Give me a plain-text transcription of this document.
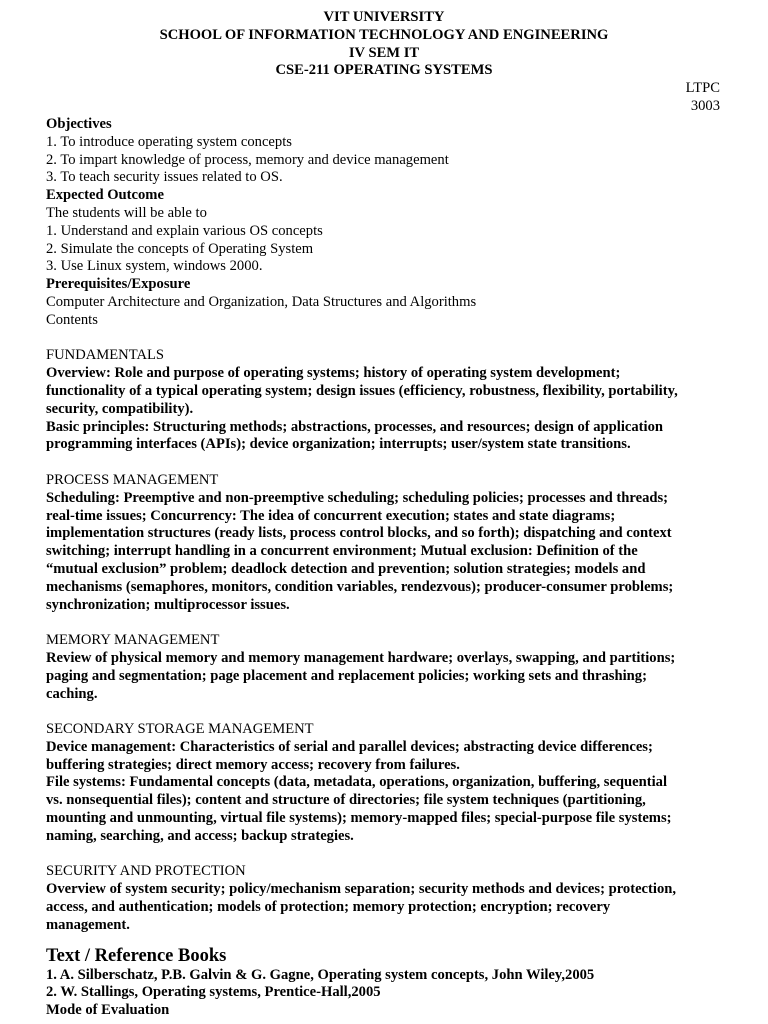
VIT UNIVERSITY
SCHOOL OF INFORMATION TECHNOLOGY AND ENGINEERING
IV SEM IT
CSE-211 OPERATING SYSTEMS
LTPC
3003
Objectives
1. To introduce operating system concepts
2. To impart knowledge of process, memory and device management
3. To teach security issues related to OS.
Expected Outcome
The students will be able to
1. Understand and explain various OS concepts
2. Simulate the concepts of Operating System
3. Use Linux system, windows 2000.
Prerequisites/Exposure
Computer Architecture and Organization, Data Structures and Algorithms
Contents
FUNDAMENTALS
Overview: Role and purpose of operating systems; history of operating system development;
functionality of a typical operating system; design issues (efficiency, robustness, flexibility, portability,
security, compatibility).
Basic principles: Structuring methods; abstractions, processes, and resources; design of application
programming interfaces (APIs); device organization; interrupts; user/system state transitions.
PROCESS MANAGEMENT
Scheduling: Preemptive and non-preemptive scheduling; scheduling policies; processes and threads;
real-time issues; Concurrency: The idea of concurrent execution; states and state diagrams;
implementation structures (ready lists, process control blocks, and so forth); dispatching and context
switching; interrupt handling in a concurrent environment; Mutual exclusion: Definition of the
“mutual exclusion” problem; deadlock detection and prevention; solution strategies; models and
mechanisms (semaphores, monitors, condition variables, rendezvous); producer-consumer problems;
synchronization; multiprocessor issues.
MEMORY MANAGEMENT
Review of physical memory and memory management hardware; overlays, swapping, and partitions;
paging and segmentation; page placement and replacement policies; working sets and thrashing;
caching.
SECONDARY STORAGE MANAGEMENT
Device management: Characteristics of serial and parallel devices; abstracting device differences;
buffering strategies; direct memory access; recovery from failures.
File systems: Fundamental concepts (data, metadata, operations, organization, buffering, sequential
vs. nonsequential files); content and structure of directories; file system techniques (partitioning,
mounting and unmounting, virtual file systems); memory-mapped files; special-purpose file systems;
naming, searching, and access; backup strategies.
SECURITY AND PROTECTION
Overview of system security; policy/mechanism separation; security methods and devices; protection,
access, and authentication; models of protection; memory protection; encryption; recovery
management.
Text / Reference Books
1. A. Silberschatz, P.B. Galvin & G. Gagne, Operating system concepts, John Wiley,2005
2. W. Stallings, Operating systems, Prentice-Hall,2005
Mode of Evaluation
